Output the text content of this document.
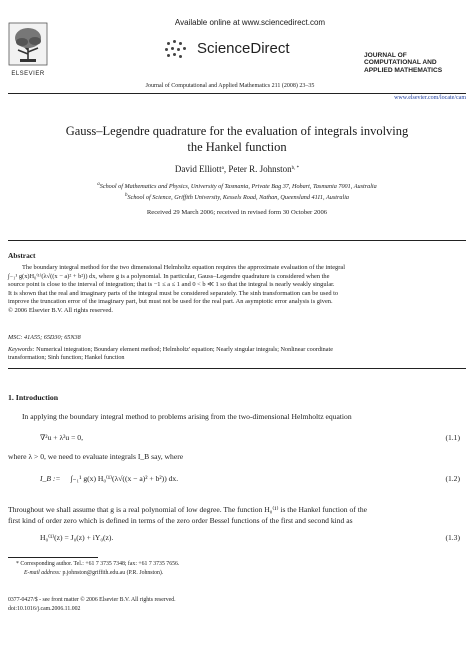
ELSEVIER
Available online at www.sciencedirect.com
ScienceDirect
Journal of Computational and Applied Mathematics 211 (2008) 23–35
JOURNAL OF
COMPUTATIONAL AND
APPLIED MATHEMATICS
www.elsevier.com/locate/cam
Gauss–Legendre quadrature for the evaluation of integrals involving
the Hankel function
David Elliott$^a$, Peter R. Johnston$^{b, *}$
$^a$School of Mathematics and Physics, University of Tasmania, Private Bag 37, Hobart, Tasmania 7001, Australia
$^b$School of Science, Griffith University, Kessels Road, Nathan, Queensland 4111, Australia
Received 29 March 2006; received in revised form 30 October 2006
Abstract
The boundary integral method for the two dimensional Helmholtz equation requires the approximate evaluation of the integral
∫₋₁¹ g(x)H₀⁽¹⁾(λ√((x − a)² + b²)) dx, where g is a polynomial. In particular, Gauss–Legendre quadrature is considered when the
source point is close to the interval of integration; that is −1 ≤ a ≤ 1 and 0 < b ≪ 1 so that the integral is nearly weakly singular.
It is shown that the real and imaginary parts of the integral must be considered separately. The sinh transformation can be used to
improve the truncation error of the imaginary part, but must not be used for the real part. An asymptotic error analysis is given.
© 2006 Elsevier B.V. All rights reserved.
MSC: 41A55; 65D30; 65N38
Keywords: Numerical integration; Boundary element method; Helmholtz' equation; Nearly singular integrals; Nonlinear coordinate
transformation; Sinh function; Hankel function
1. Introduction
In applying the boundary integral method to problems arising from the two-dimensional Helmholtz equation
∇²u + λ²u = 0,	(1.1)
where λ > 0, we need to evaluate integrals I_B say, where
I_B := ∫₋₁¹ g(x) H₀⁽¹⁾(λ√((x − a)² + b²)) dx.	(1.2)
Throughout we shall assume that g is a real polynomial of low degree. The function H₀⁽¹⁾ is the Hankel function of the
first kind of order zero which is defined in terms of the zero order Bessel functions of the first and second kind as
H₀⁽¹⁾(z) = J₀(z) + iY₀(z).	(1.3)
* Corresponding author. Tel.: +61 7 3735 7348; fax: +61 7 3735 7656.
E-mail address: p.johnston@griffith.edu.au (P.R. Johnston).
0377-0427/$ - see front matter © 2006 Elsevier B.V. All rights reserved.
doi:10.1016/j.cam.2006.11.002
